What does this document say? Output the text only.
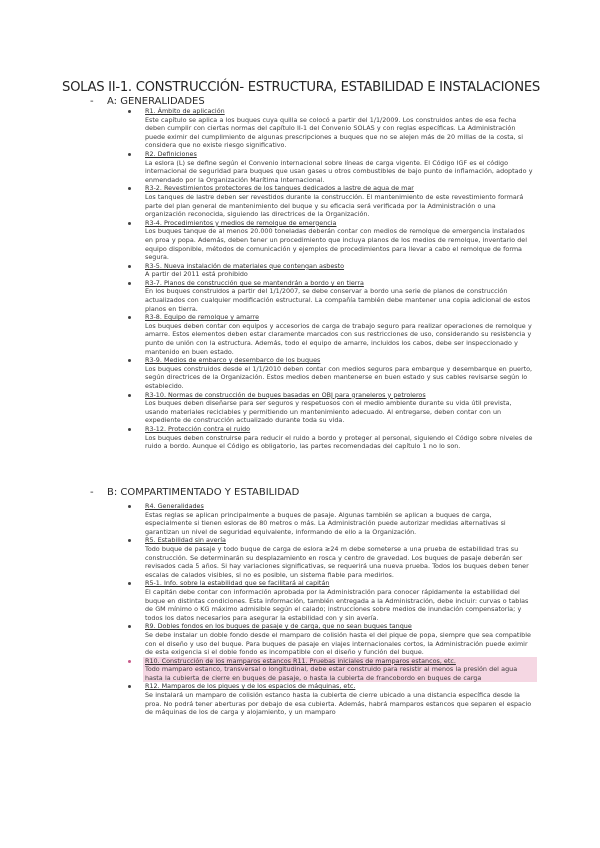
SOLAS II-1. CONSTRUCCIÓN- ESTRUCTURA, ESTABILIDAD E INSTALACIONES
- A: GENERALIDADES
R1. Ámbito de aplicación
Este capítulo se aplica a los buques cuya quilla se colocó a partir del 1/1/2009. Los construidos antes de esa fecha deben cumplir con ciertas normas del capítulo II-1 del Convenio SOLAS y con reglas específicas. La Administración puede eximir del cumplimiento de algunas prescripciones a buques que no se alejen más de 20 millas de la costa, si considera que no existe riesgo significativo.
R2. Definiciones
La eslora (L) se define según el Convenio internacional sobre líneas de carga vigente. El Código IGF es el código internacional de seguridad para buques que usan gases u otros combustibles de bajo punto de inflamación, adoptado y enmendado por la Organización Marítima Internacional.
R3-2. Revestimientos protectores de los tanques dedicados a lastre de agua de mar
Los tanques de lastre deben ser revestidos durante la construcción. El mantenimiento de este revestimiento formará parte del plan general de mantenimiento del buque y su eficacia será verificada por la Administración o una organización reconocida, siguiendo las directrices de la Organización.
R3-4. Procedimientos y medios de remolque de emergencia
Los buques tanque de al menos 20.000 toneladas deberán contar con medios de remolque de emergencia instalados en proa y popa. Además, deben tener un procedimiento que incluya planos de los medios de remolque, inventario del equipo disponible, métodos de comunicación y ejemplos de procedimientos para llevar a cabo el remolque de forma segura.
R3-5. Nueva instalación de materiales que contengan asbesto
A partir del 2011 está prohibido
R3-7. Planos de construcción que se mantendrán a bordo y en tierra
En los buques construidos a partir del 1/1/2007, se debe conservar a bordo una serie de planos de construcción actualizados con cualquier modificación estructural. La compañía también debe mantener una copia adicional de estos planos en tierra.
R3-8. Equipo de remolque y amarre
Los buques deben contar con equipos y accesorios de carga de trabajo seguro para realizar operaciones de remolque y amarre. Estos elementos deben estar claramente marcados con sus restricciones de uso, considerando su resistencia y punto de unión con la estructura. Además, todo el equipo de amarre, incluidos los cabos, debe ser inspeccionado y mantenido en buen estado.
R3-9. Medios de embarco y desembarco de los buques
Los buques construidos desde el 1/1/2010 deben contar con medios seguros para embarque y desembarque en puerto, según directrices de la Organización. Estos medios deben mantenerse en buen estado y sus cables revisarse según lo establecido.
R3-10. Normas de construcción de buques basadas en OBJ para graneleros y petroleros
Los buques deben diseñarse para ser seguros y respetuosos con el medio ambiente durante su vida útil prevista, usando materiales reciclables y permitiendo un mantenimiento adecuado. Al entregarse, deben contar con un expediente de construcción actualizado durante toda su vida.
R3-12. Protección contra el ruido
Los buques deben construirse para reducir el ruido a bordo y proteger al personal, siguiendo el Código sobre niveles de ruido a bordo. Aunque el Código es obligatorio, las partes recomendadas del capítulo 1 no lo son.
- B: COMPARTIMENTADO Y ESTABILIDAD
R4. Generalidades
Estas reglas se aplican principalmente a buques de pasaje. Algunas también se aplican a buques de carga, especialmente si tienen esloras de 80 metros o más. La Administración puede autorizar medidas alternativas si garantizan un nivel de seguridad equivalente, informando de ello a la Organización.
R5. Estabilidad sin avería
Todo buque de pasaje y todo buque de carga de eslora ≥24 m debe someterse a una prueba de estabilidad tras su construcción. Se determinarán su desplazamiento en rosca y centro de gravedad. Los buques de pasaje deberán ser revisados cada 5 años. Si hay variaciones significativas, se requerirá una nueva prueba. Todos los buques deben tener escalas de calados visibles, si no es posible, un sistema fiable para medirlos.
R5-1. Info. sobre la estabilidad que se facilitará al capitán
El capitán debe contar con información aprobada por la Administración para conocer rápidamente la estabilidad del buque en distintas condiciones. Esta información, también entregada a la Administración, debe incluir: curvas o tablas de GM mínimo o KG máximo admisible según el calado; instrucciones sobre medios de inundación compensatoria; y todos los datos necesarios para asegurar la estabilidad con y sin avería.
R9. Dobles fondos en los buques de pasaje y de carga, que no sean buques tanque
Se debe instalar un doble fondo desde el mamparo de colisión hasta el del pique de popa, siempre que sea compatible con el diseño y uso del buque. Para buques de pasaje en viajes internacionales cortos, la Administración puede eximir de esta exigencia si el doble fondo es incompatible con el diseño y función del buque.
R10. Construcción de los mamparos estancos R11. Pruebas iniciales de mamparos estancos, etc.
Todo mamparo estanco, transversal o longitudinal, debe estar construido para resistir al menos la presión del agua hasta la cubierta de cierre en buques de pasaje, o hasta la cubierta de francobordo en buques de carga
R12. Mamparos de los piques y de los espacios de máquinas, etc.
Se instalará un mamparo de colisión estanco hasta la cubierta de cierre ubicado a una distancia específica desde la proa. No podrá tener aberturas por debajo de esa cubierta. Además, habrá mamparos estancos que separen el espacio de máquinas de los de carga y alojamiento, y un mamparo
